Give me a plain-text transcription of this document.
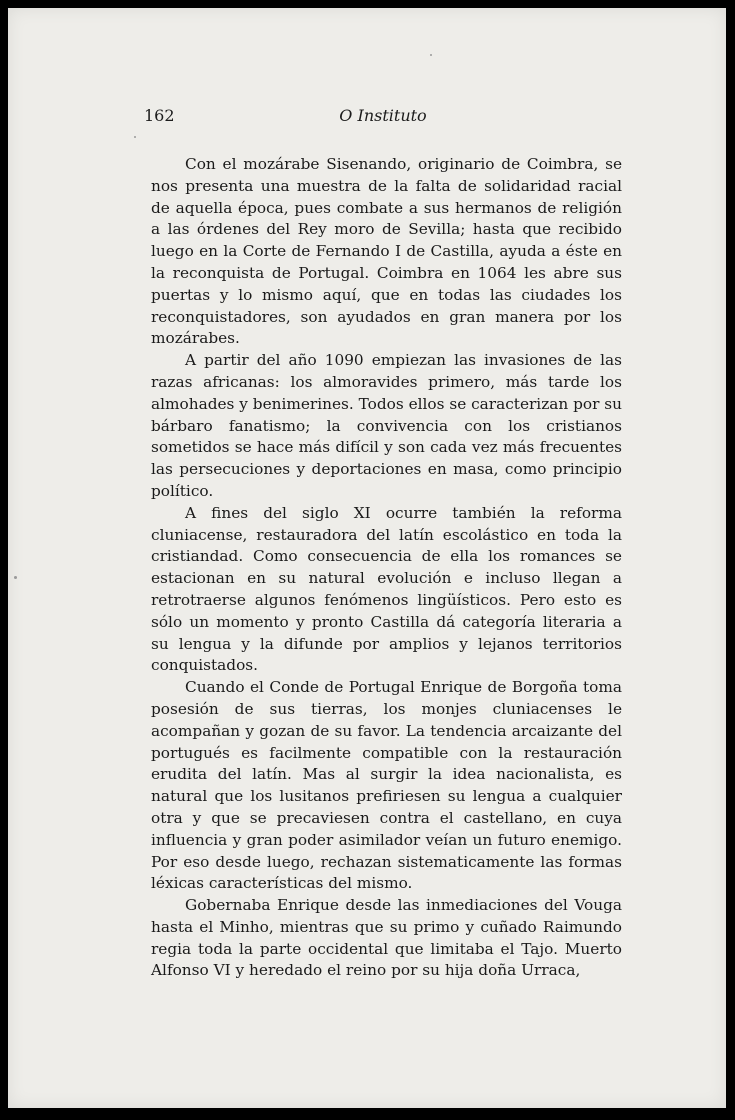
162	O Instituto

Con el mozárabe Sisenando, originario de Coimbra, se nos presenta una muestra de la falta de solidaridad racial de aquella época, pues combate a sus hermanos de religión a las órdenes del Rey moro de Sevilla; hasta que recibido luego en la Corte de Fernando I de Castilla, ayuda a éste en la reconquista de Portugal. Coimbra en 1064 les abre sus puertas y lo mismo aquí, que en todas las ciudades los reconquistadores, son ayudados en gran manera por los mozárabes.

A partir del año 1090 empiezan las invasiones de las razas africanas: los almoravides primero, más tarde los almohades y benimerines. Todos ellos se caracterizan por su bárbaro fanatismo; la convivencia con los cristianos sometidos se hace más difícil y son cada vez más frecuentes las persecuciones y deportaciones en masa, como principio político.

A fines del siglo XI ocurre también la reforma cluniacense, restauradora del latín escolástico en toda la cristiandad. Como consecuencia de ella los romances se estacionan en su natural evolución e incluso llegan a retrotraerse algunos fenómenos lingüísticos. Pero esto es sólo un momento y pronto Castilla dá categoría literaria a su lengua y la difunde por amplios y lejanos territorios conquistados.

Cuando el Conde de Portugal Enrique de Borgoña toma posesión de sus tierras, los monjes cluniacenses le acompañan y gozan de su favor. La tendencia arcaizante del portugués es facilmente compatible con la restauración erudita del latín. Mas al surgir la idea nacionalista, es natural que los lusitanos prefiriesen su lengua a cualquier otra y que se precaviesen contra el castellano, en cuya influencia y gran poder asimilador veían un futuro enemigo. Por eso desde luego, rechazan sistematicamente las formas léxicas características del mismo.

Gobernaba Enrique desde las inmediaciones del Vouga hasta el Minho, mientras que su primo y cuñado Raimundo regia toda la parte occidental que limitaba el Tajo. Muerto Alfonso VI y heredado el reino por su hija doña Urraca,
